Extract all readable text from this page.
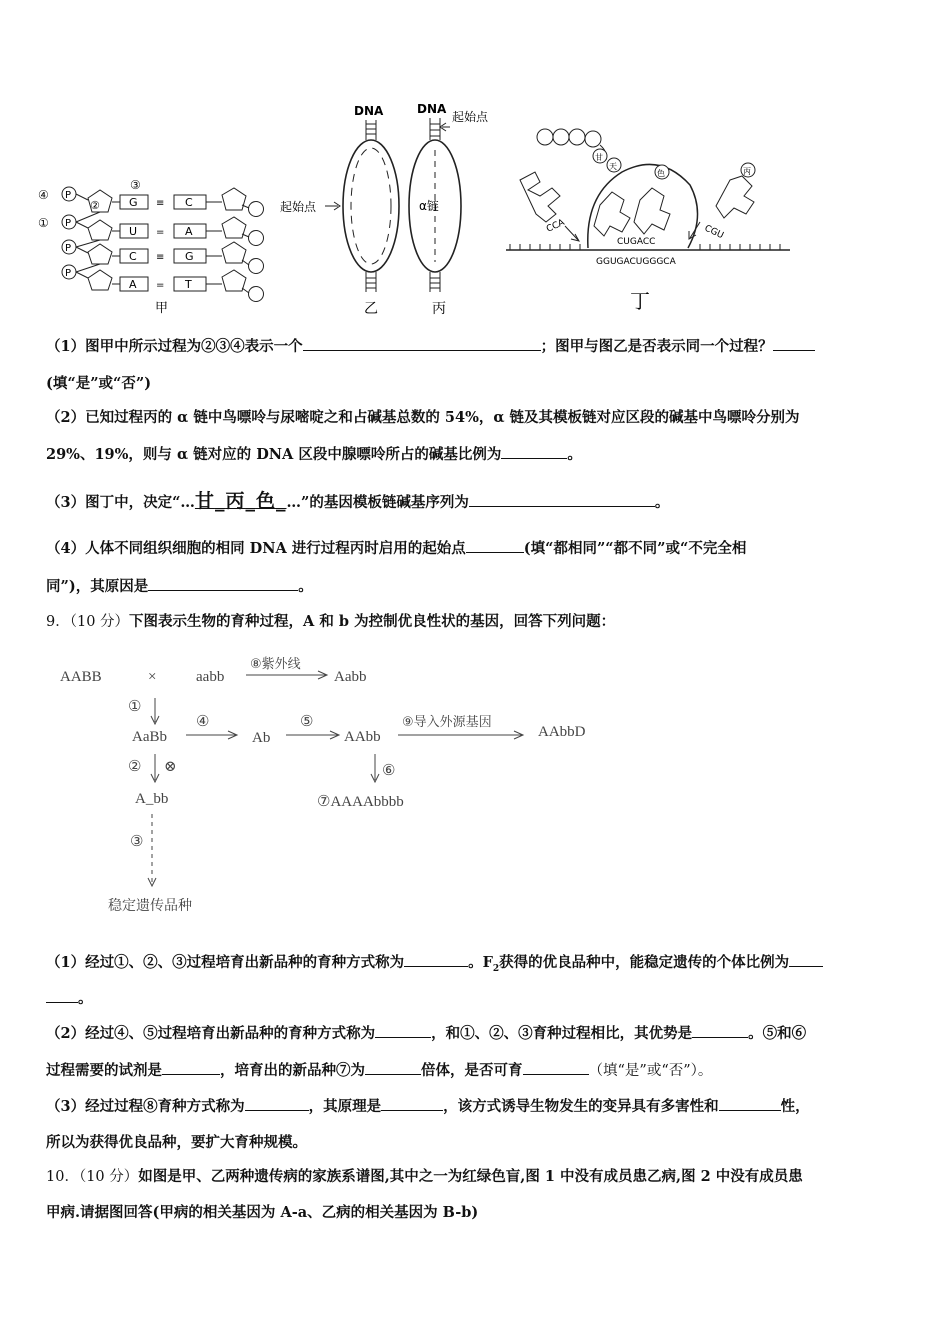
④ P
① P
P
P
②
③
G ≡ C
U = A
C ≡ G
A = T
甲
DNA
起始点
乙
DNA
起始点
α链
丙
甘
天
色	丙
CCA	CGU
CUGACC
GGUGACUGGGCA
丁
（1）图甲中所示过程为②③④表示一个	；图甲与图乙是否表示同一个过程？
(填“是”或“否”)
（2）已知过程丙的 α 链中鸟嘌呤与尿嘧啶之和占碱基总数的 54%，α 链及其模板链对应区段的碱基中鸟嘌呤分别为
29%、19%，则与 α 链对应的 DNA 区段中腺嘌呤所占的碱基比例为	。
（3）图丁中，决定“…甘_丙_色_…”的基因模板链碱基序列为	。
（4）人体不同组织细胞的相同 DNA 进行过程丙时启用的起始点	(填“都相同”“都不同”或“不完全相
同”)，其原因是	。
9．（10 分）下图表示生物的育种过程，A 和 b 为控制优良性状的基因，回答下列问题：
AABB	×	aabb
⑧紫外线
Aabb
①
AaBb
④
Ab
⑤
AAbb
⑨导入外源基因
AAbbD
② ⊗	⑥
A_bb	⑦AAAAbbbb
③
稳定遗传品种
（1）经过①、②、③过程培育出新品种的育种方式称为	。$F_2$获得的优良品种中，能稳定遗传的个体比例为
。
（2）经过④、⑤过程培育出新品种的育种方式称为	，和①、②、③育种过程相比，其优势是	。⑤和⑥
过程需要的试剂是	，培育出的新品种⑦为	倍体，是否可育	（填“是”或“否”）。
（3）经过过程⑧育种方式称为	，其原理是	，该方式诱导生物发生的变异具有多害性和	性，
所以为获得优良品种，要扩大育种规模。
10．（10 分）如图是甲、乙两种遗传病的家族系谱图,其中之一为红绿色盲,图 1 中没有成员患乙病,图 2 中没有成员患
甲病.请据图回答(甲病的相关基因为 A-a、乙病的相关基因为 B-b)
